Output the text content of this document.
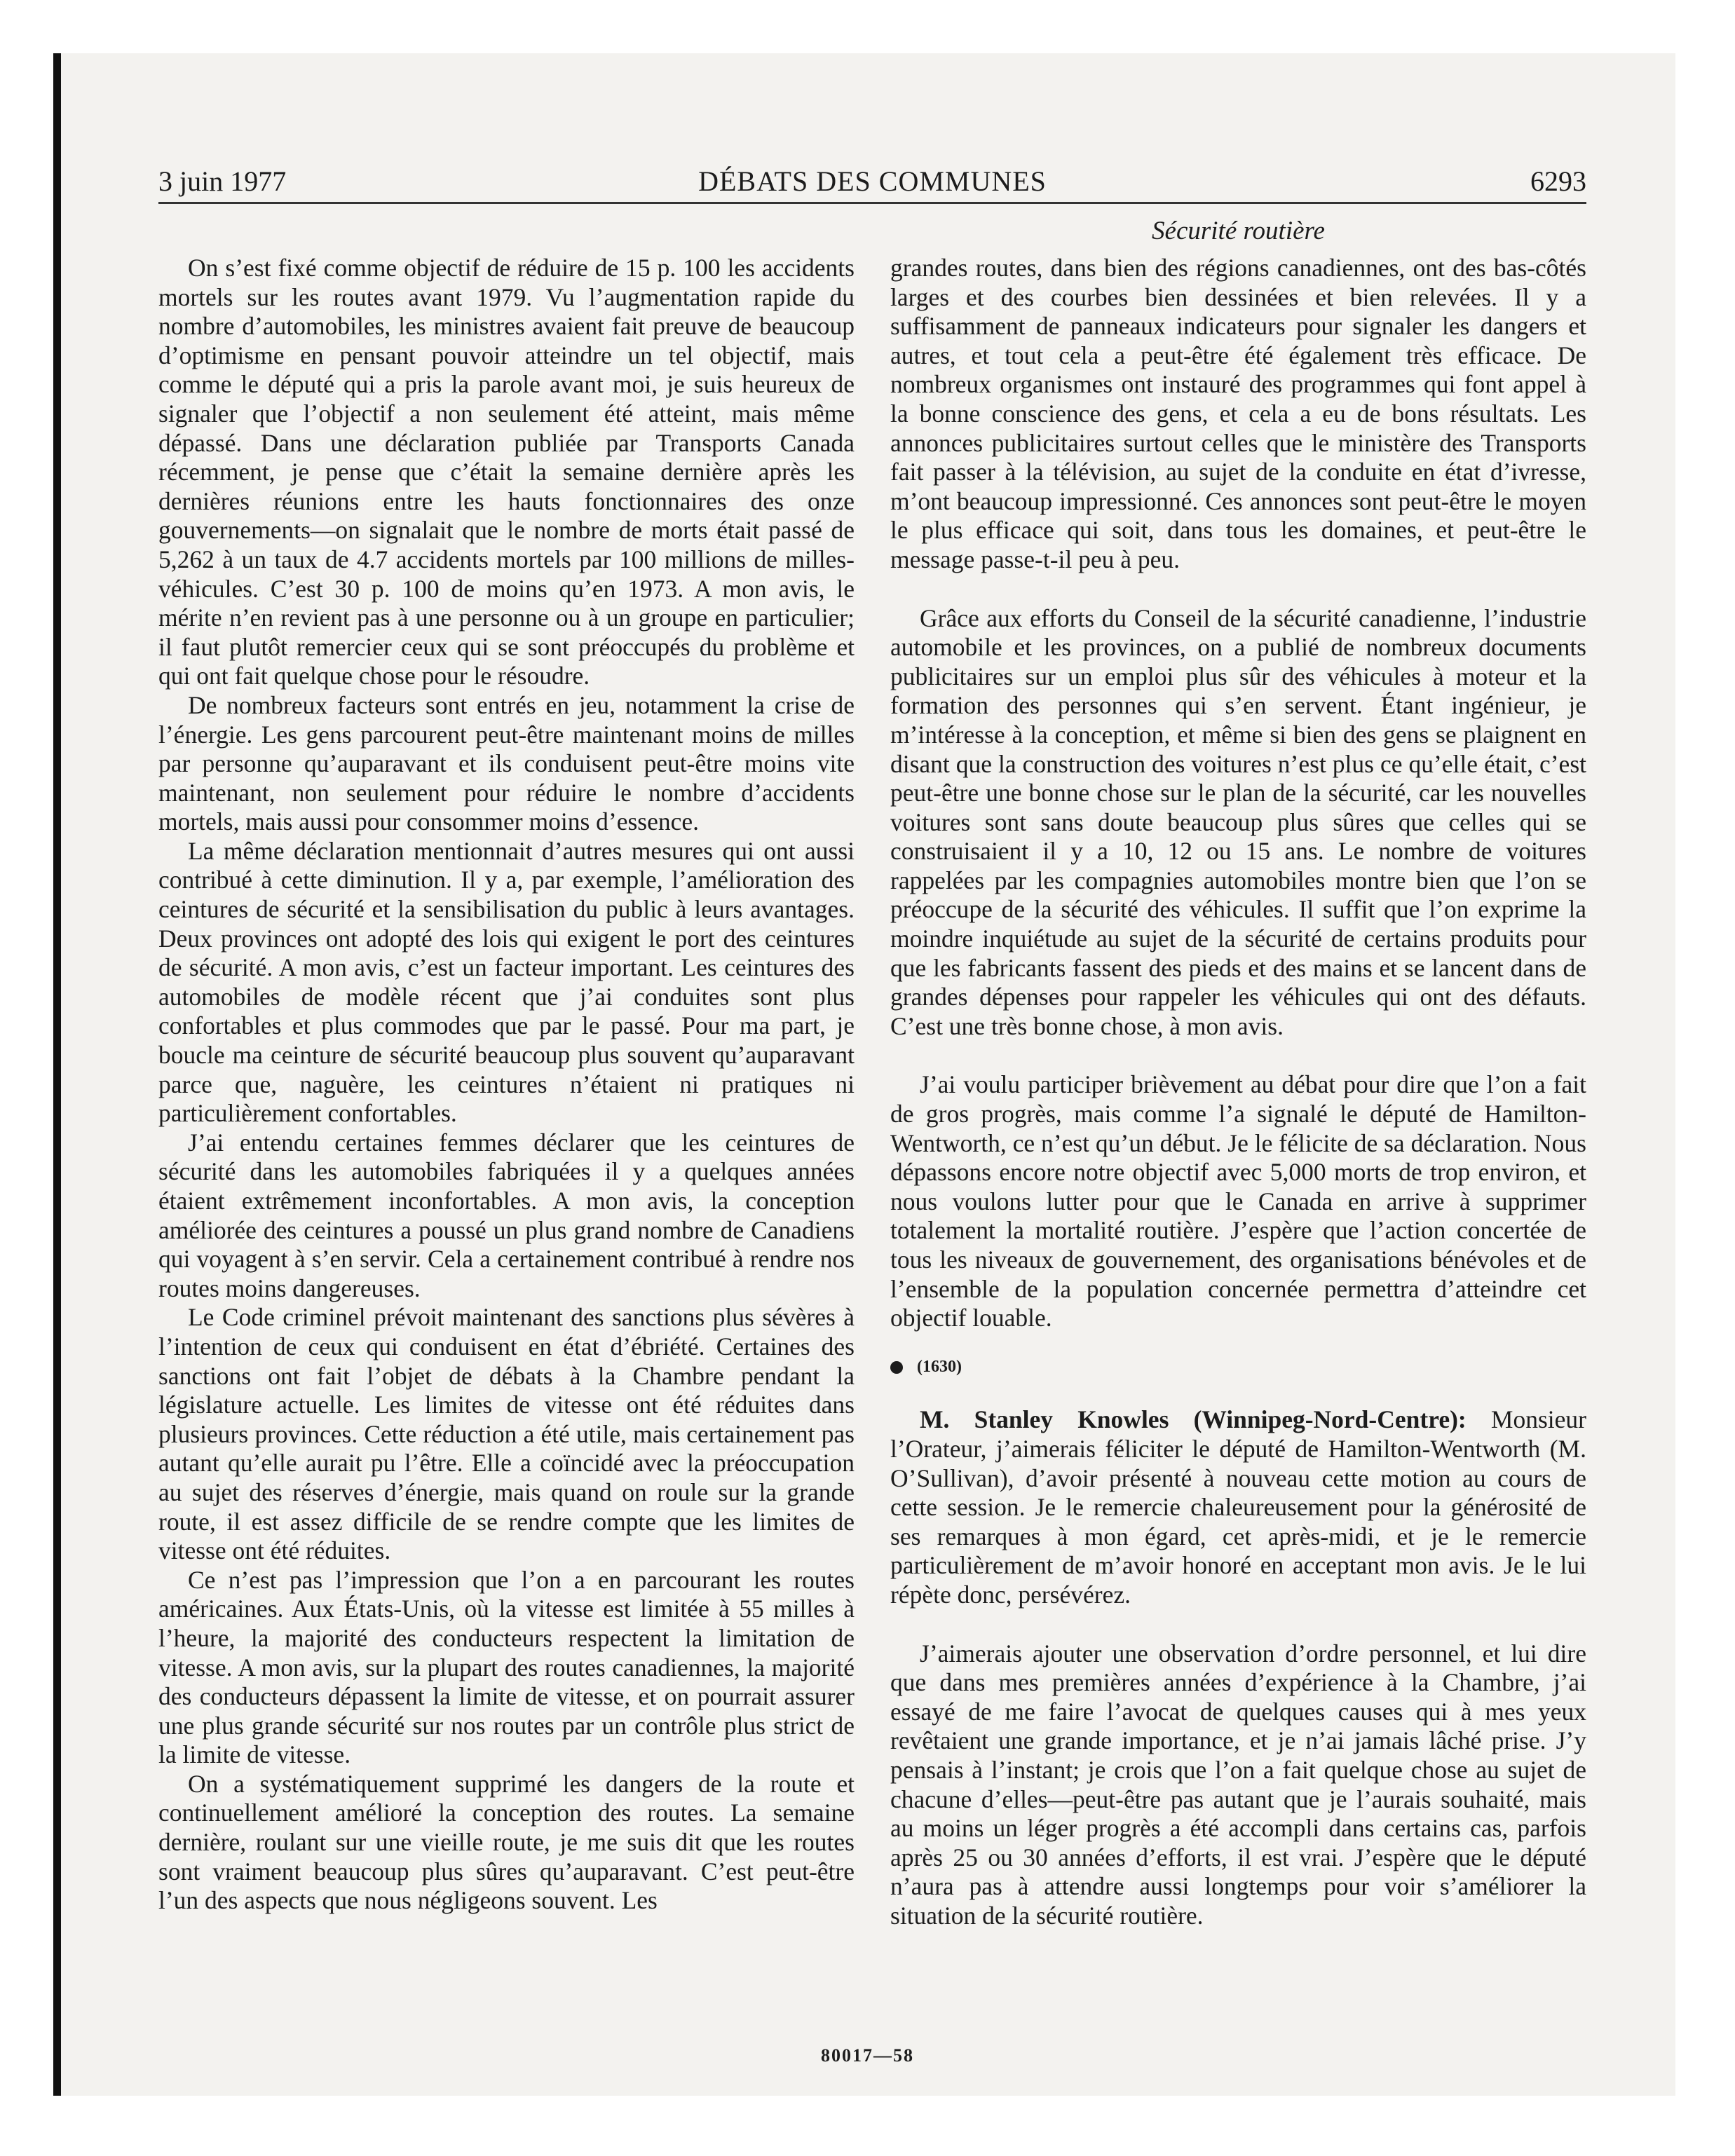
3 juin 1977	DÉBATS DES COMMUNES	6293
Sécurité routière

On s’est fixé comme objectif de réduire de 15 p. 100 les accidents mortels sur les routes avant 1979. Vu l’augmentation rapide du nombre d’automobiles, les ministres avaient fait preuve de beaucoup d’optimisme en pensant pouvoir atteindre un tel objectif, mais comme le député qui a pris la parole avant moi, je suis heureux de signaler que l’objectif a non seulement été atteint, mais même dépassé. Dans une déclaration publiée par Transports Canada récemment, je pense que c’était la semaine dernière après les dernières réunions entre les hauts fonctionnaires des onze gouvernements—on signalait que le nombre de morts était passé de 5,262 à un taux de 4.7 accidents mortels par 100 millions de milles-véhicules. C’est 30 p. 100 de moins qu’en 1973. A mon avis, le mérite n’en revient pas à une personne ou à un groupe en particulier; il faut plutôt remercier ceux qui se sont préoccupés du problème et qui ont fait quelque chose pour le résoudre.

De nombreux facteurs sont entrés en jeu, notamment la crise de l’énergie. Les gens parcourent peut-être maintenant moins de milles par personne qu’auparavant et ils conduisent peut-être moins vite maintenant, non seulement pour réduire le nombre d’accidents mortels, mais aussi pour consommer moins d’essence.

La même déclaration mentionnait d’autres mesures qui ont aussi contribué à cette diminution. Il y a, par exemple, l’amélioration des ceintures de sécurité et la sensibilisation du public à leurs avantages. Deux provinces ont adopté des lois qui exigent le port des ceintures de sécurité. A mon avis, c’est un facteur important. Les ceintures des automobiles de modèle récent que j’ai conduites sont plus confortables et plus commodes que par le passé. Pour ma part, je boucle ma ceinture de sécurité beaucoup plus souvent qu’auparavant parce que, naguère, les ceintures n’étaient ni pratiques ni particulièrement confortables.

J’ai entendu certaines femmes déclarer que les ceintures de sécurité dans les automobiles fabriquées il y a quelques années étaient extrêmement inconfortables. A mon avis, la conception améliorée des ceintures a poussé un plus grand nombre de Canadiens qui voyagent à s’en servir. Cela a certainement contribué à rendre nos routes moins dangereuses.

Le Code criminel prévoit maintenant des sanctions plus sévères à l’intention de ceux qui conduisent en état d’ébriété. Certaines des sanctions ont fait l’objet de débats à la Chambre pendant la législature actuelle. Les limites de vitesse ont été réduites dans plusieurs provinces. Cette réduction a été utile, mais certainement pas autant qu’elle aurait pu l’être. Elle a coïncidé avec la préoccupation au sujet des réserves d’énergie, mais quand on roule sur la grande route, il est assez difficile de se rendre compte que les limites de vitesse ont été réduites.

Ce n’est pas l’impression que l’on a en parcourant les routes américaines. Aux États-Unis, où la vitesse est limitée à 55 milles à l’heure, la majorité des conducteurs respectent la limitation de vitesse. A mon avis, sur la plupart des routes canadiennes, la majorité des conducteurs dépassent la limite de vitesse, et on pourrait assurer une plus grande sécurité sur nos routes par un contrôle plus strict de la limite de vitesse.

On a systématiquement supprimé les dangers de la route et continuellement amélioré la conception des routes. La semaine dernière, roulant sur une vieille route, je me suis dit que les routes sont vraiment beaucoup plus sûres qu’auparavant. C’est peut-être l’un des aspects que nous négligeons souvent. Les

grandes routes, dans bien des régions canadiennes, ont des bas-côtés larges et des courbes bien dessinées et bien relevées. Il y a suffisamment de panneaux indicateurs pour signaler les dangers et autres, et tout cela a peut-être été également très efficace. De nombreux organismes ont instauré des programmes qui font appel à la bonne conscience des gens, et cela a eu de bons résultats. Les annonces publicitaires surtout celles que le ministère des Transports fait passer à la télévision, au sujet de la conduite en état d’ivresse, m’ont beaucoup impressionné. Ces annonces sont peut-être le moyen le plus efficace qui soit, dans tous les domaines, et peut-être le message passe-t-il peu à peu.

Grâce aux efforts du Conseil de la sécurité canadienne, l’industrie automobile et les provinces, on a publié de nombreux documents publicitaires sur un emploi plus sûr des véhicules à moteur et la formation des personnes qui s’en servent. Étant ingénieur, je m’intéresse à la conception, et même si bien des gens se plaignent en disant que la construction des voitures n’est plus ce qu’elle était, c’est peut-être une bonne chose sur le plan de la sécurité, car les nouvelles voitures sont sans doute beaucoup plus sûres que celles qui se construisaient il y a 10, 12 ou 15 ans. Le nombre de voitures rappelées par les compagnies automobiles montre bien que l’on se préoccupe de la sécurité des véhicules. Il suffit que l’on exprime la moindre inquiétude au sujet de la sécurité de certains produits pour que les fabricants fassent des pieds et des mains et se lancent dans de grandes dépenses pour rappeler les véhicules qui ont des défauts. C’est une très bonne chose, à mon avis.

J’ai voulu participer brièvement au débat pour dire que l’on a fait de gros progrès, mais comme l’a signalé le député de Hamilton-Wentworth, ce n’est qu’un début. Je le félicite de sa déclaration. Nous dépassons encore notre objectif avec 5,000 morts de trop environ, et nous voulons lutter pour que le Canada en arrive à supprimer totalement la mortalité routière. J’espère que l’action concertée de tous les niveaux de gouvernement, des organisations bénévoles et de l’ensemble de la population concernée permettra d’atteindre cet objectif louable.

(1630)

M. Stanley Knowles (Winnipeg-Nord-Centre): Monsieur l’Orateur, j’aimerais féliciter le député de Hamilton-Wentworth (M. O’Sullivan), d’avoir présenté à nouveau cette motion au cours de cette session. Je le remercie chaleureusement pour la générosité de ses remarques à mon égard, cet après-midi, et je le remercie particulièrement de m’avoir honoré en acceptant mon avis. Je le lui répète donc, persévérez.

J’aimerais ajouter une observation d’ordre personnel, et lui dire que dans mes premières années d’expérience à la Chambre, j’ai essayé de me faire l’avocat de quelques causes qui à mes yeux revêtaient une grande importance, et je n’ai jamais lâché prise. J’y pensais à l’instant; je crois que l’on a fait quelque chose au sujet de chacune d’elles—peut-être pas autant que je l’aurais souhaité, mais au moins un léger progrès a été accompli dans certains cas, parfois après 25 ou 30 années d’efforts, il est vrai. J’espère que le député n’aura pas à attendre aussi longtemps pour voir s’améliorer la situation de la sécurité routière.

80017—58
